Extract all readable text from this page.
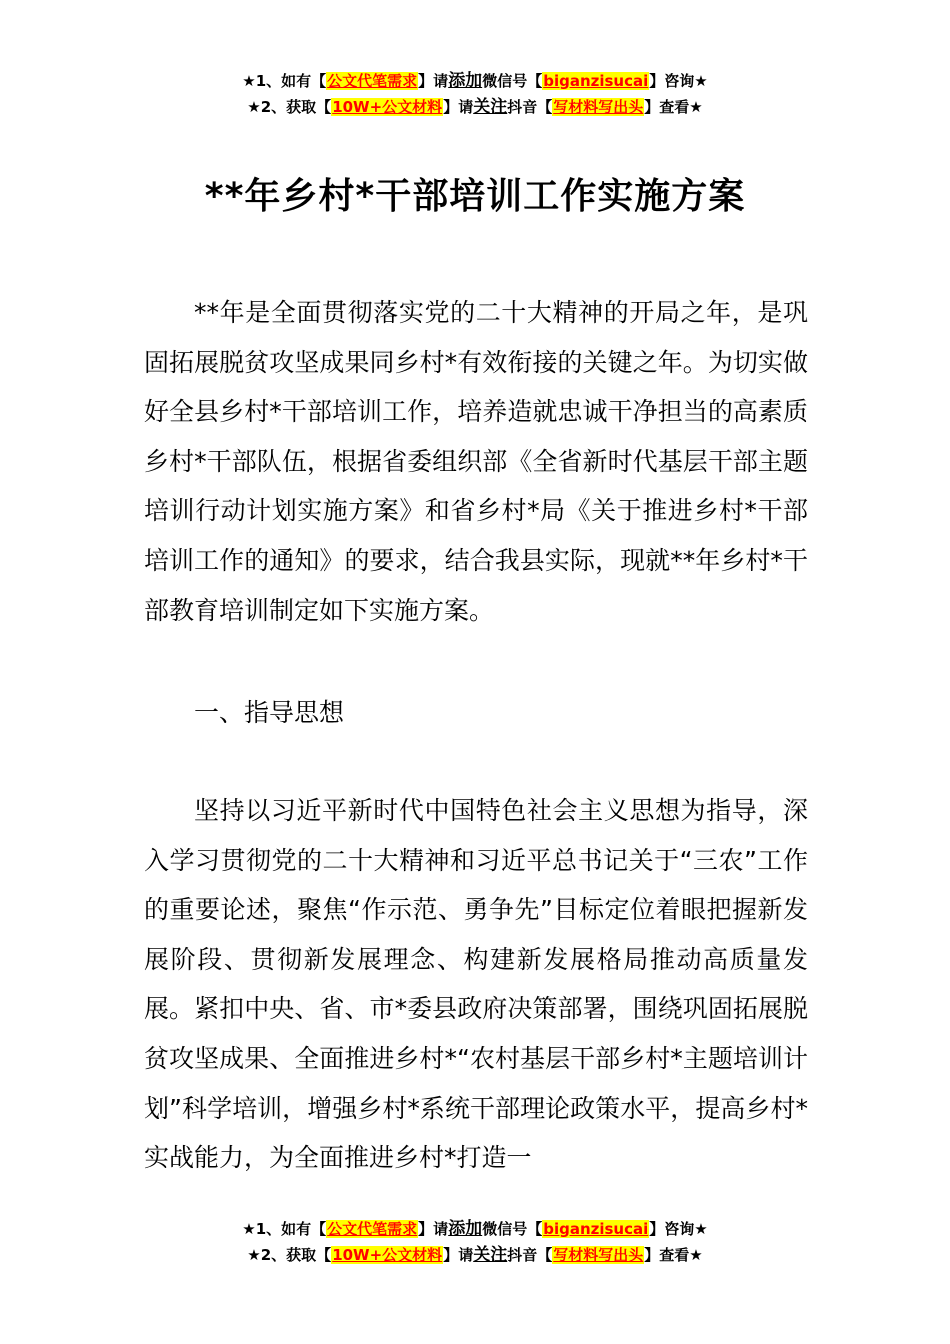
★1、如有【公文代笔需求】请添加微信号【biganzisucai】咨询★
★2、获取【10W+公文材料】请关注抖音【写材料写出头】查看★
**年乡村*干部培训工作实施方案

**年是全面贯彻落实党的二十大精神的开局之年，是巩固拓展脱贫攻坚成果同乡村*有效衔接的关键之年。为切实做好全县乡村*干部培训工作，培养造就忠诚干净担当的高素质乡村*干部队伍，根据省委组织部《全省新时代基层干部主题培训行动计划实施方案》和省乡村*局《关于推进乡村*干部培训工作的通知》的要求，结合我县实际，现就**年乡村*干部教育培训制定如下实施方案。

一、指导思想

坚持以习近平新时代中国特色社会主义思想为指导，深入学习贯彻党的二十大精神和习近平总书记关于“三农”工作的重要论述，聚焦“作示范、勇争先”目标定位着眼把握新发展阶段、贯彻新发展理念、构建新发展格局推动高质量发展。紧扣中央、省、市*委县政府决策部署，围绕巩固拓展脱贫攻坚成果、全面推进乡村*“农村基层干部乡村*主题培训计划”科学培训，增强乡村*系统干部理论政策水平，提高乡村*实战能力，为全面推进乡村*打造一

★1、如有【公文代笔需求】请添加微信号【biganzisucai】咨询★
★2、获取【10W+公文材料】请关注抖音【写材料写出头】查看★
